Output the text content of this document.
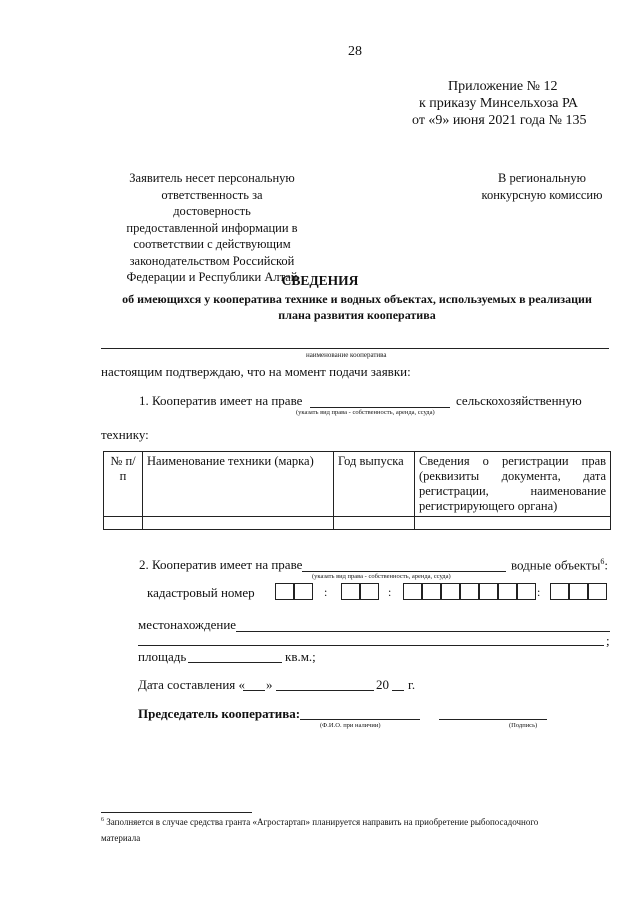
28
Приложение № 12
к приказу Минсельхоза РА
от «9» июня 2021 года № 135
Заявитель несет персональную
ответственность за достоверность
предоставленной информации в
соответствии с действующим
законодательством Российской
Федерации и Республики Алтай
В региональную
конкурсную комиссию
СВЕДЕНИЯ
об имеющихся у кооператива технике и водных объектах, используемых в реализации
плана развития кооператива
наименование кооператива
настоящим подтверждаю, что на момент подачи заявки:
1. Кооператив имеет на праве	сельскохозяйственную
(указать вид права - собственность, аренда, ссуда)
технику:
№ п/п	Наименование техники (марка)	Год выпуска	Сведения о регистрации прав
(реквизиты документа, дата
регистрации, наименование
регистрирующего органа)

2. Кооператив имеет на праве	водные объекты$^6$:
(указать вид права - собственность, аренда, ссуда)
кадастровый номер	:	:	:
местонахождение
;
площадь	кв.м.;
Дата составления « »	20 г.
Председатель кооператива:
(Ф.И.О. при наличии)	(Подпись)
$^6$ Заполняется в случае средства гранта «Агростартап» планируется направить на приобретение рыбопосадочного
материала
